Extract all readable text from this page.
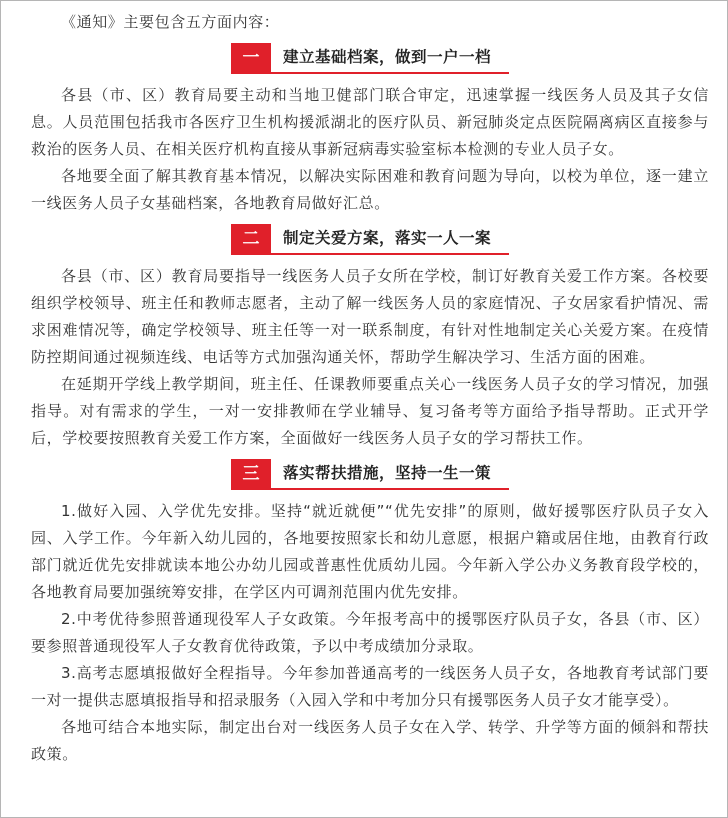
《通知》主要包含五方面内容：

一	建立基础档案，做到一户一档

各县（市、区）教育局要主动和当地卫健部门联合审定，迅速掌握一线医务人员及其子女信息。人员范围包括我市各医疗卫生机构援派湖北的医疗队员、新冠肺炎定点医院隔离病区直接参与救治的医务人员、在相关医疗机构直接从事新冠病毒实验室标本检测的专业人员子女。

各地要全面了解其教育基本情况，以解决实际困难和教育问题为导向，以校为单位，逐一建立一线医务人员子女基础档案，各地教育局做好汇总。

二	制定关爱方案，落实一人一案

各县（市、区）教育局要指导一线医务人员子女所在学校，制订好教育关爱工作方案。各校要组织学校领导、班主任和教师志愿者，主动了解一线医务人员的家庭情况、子女居家看护情况、需求困难情况等，确定学校领导、班主任等一对一联系制度，有针对性地制定关心关爱方案。在疫情防控期间通过视频连线、电话等方式加强沟通关怀，帮助学生解决学习、生活方面的困难。

在延期开学线上教学期间，班主任、任课教师要重点关心一线医务人员子女的学习情况，加强指导。对有需求的学生，一对一安排教师在学业辅导、复习备考等方面给予指导帮助。正式开学后，学校要按照教育关爱工作方案，全面做好一线医务人员子女的学习帮扶工作。

三	落实帮扶措施，坚持一生一策

1.做好入园、入学优先安排。坚持“就近就便”“优先安排”的原则，做好援鄂医疗队员子女入园、入学工作。今年新入幼儿园的，各地要按照家长和幼儿意愿，根据户籍或居住地，由教育行政部门就近优先安排就读本地公办幼儿园或普惠性优质幼儿园。今年新入学公办义务教育段学校的，各地教育局要加强统筹安排，在学区内可调剂范围内优先安排。

2.中考优待参照普通现役军人子女政策。今年报考高中的援鄂医疗队员子女，各县（市、区）要参照普通现役军人子女教育优待政策，予以中考成绩加分录取。

3.高考志愿填报做好全程指导。今年参加普通高考的一线医务人员子女，各地教育考试部门要一对一提供志愿填报指导和招录服务（入园入学和中考加分只有援鄂医务人员子女才能享受）。

各地可结合本地实际，制定出台对一线医务人员子女在入学、转学、升学等方面的倾斜和帮扶政策。
